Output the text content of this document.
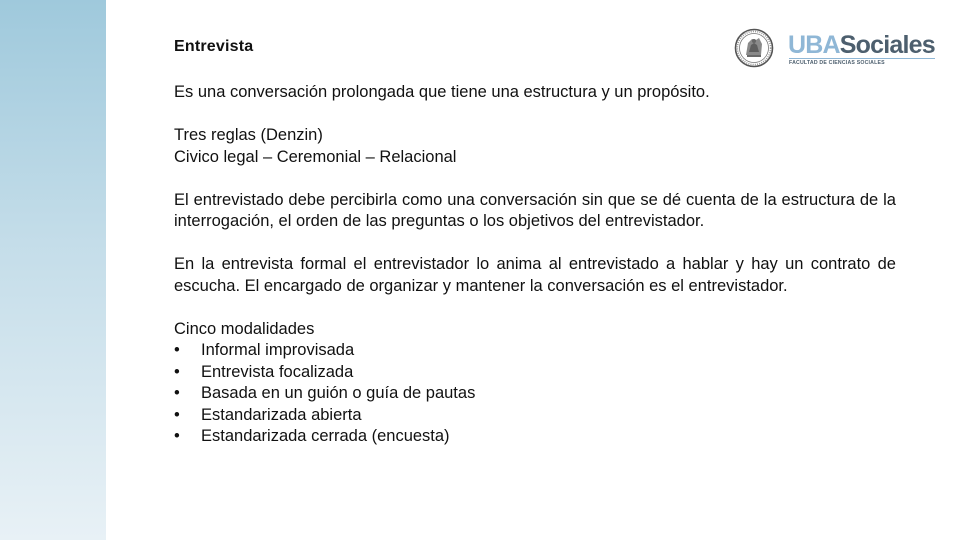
Entrevista	UBASociales
FACULTAD DE CIENCIAS SOCIALES

Es una conversación prolongada que tiene una estructura y un propósito.

Tres reglas (Denzin)
Civico legal – Ceremonial – Relacional

El entrevistado debe percibirla como una conversación sin que se dé cuenta de la estructura de la interrogación, el orden de las preguntas o los objetivos del entrevistador.

En la entrevista formal el entrevistador lo anima al entrevistado a hablar y hay un contrato de escucha. El encargado de organizar y mantener la conversación es el entrevistador.

Cinco modalidades
• Informal improvisada
• Entrevista focalizada
• Basada en un guión o guía de pautas
• Estandarizada abierta
• Estandarizada cerrada (encuesta)
